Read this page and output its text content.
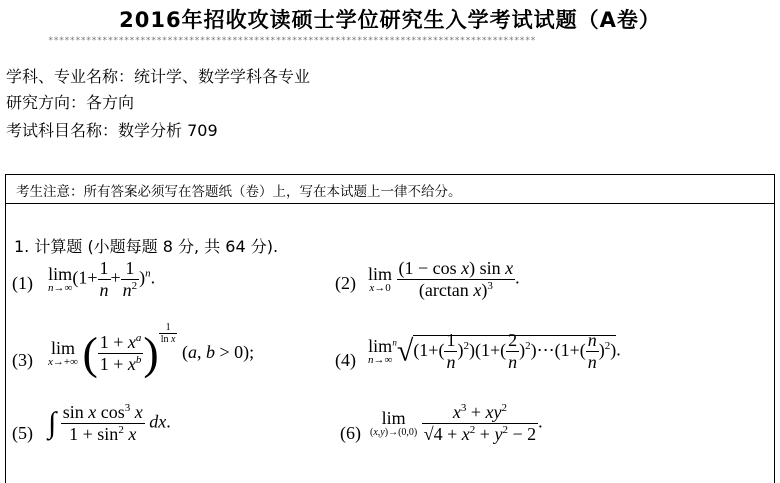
2016年招收攻读硕士学位研究生入学考试试题（A卷）
******************************************************************************************
学科、专业名称：统计学、数学学科各专业
研究方向：各方向
考试科目名称：数学分析 709
考生注意：所有答案必须写在答题纸（卷）上，写在本试题上一律不给分。
1. 计算题 (小题每题 8 分, 共 64 分).
(1) lim
n→∞
$(1+ \frac{1}{n} + \frac{1}{n^2} )^n$.	(2) lim
x→0
$\frac{\text{(1 − cos x) sin x}}{(\arctan x)^3}$ .
(3)
lim
x→+∞ ( $\frac{1 + x^a}{1 + x^b}$ ) $^{\frac{1}{\text{ln x}}}$
(a, b > 0);	(4)
lim
n→∞
$^n√(1+( \frac{1}{n} )^2)(1+( \frac{2}{n}$ )$^2)\cdots(1+( \frac{n}{n} )^2)$.
(5) ∫ $\frac{\sin x \cos^3 x}{1 + \sin^2 x}$ dx.
(6)
lim
(x,y)→(0,0)
$\frac{x^3 + xy^2}{√4 + x^2 + y^2 - 2}$ .
